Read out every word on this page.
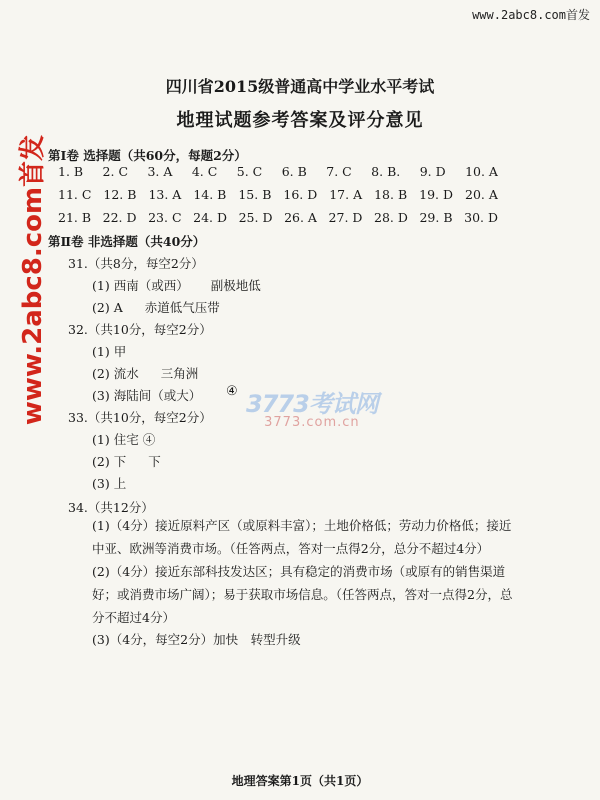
www.2abc8.com首发
www.2abc8.com首发	3773考试网
3773.com.cn
四川省2015级普通高中学业水平考试
地理试题参考答案及评分意见
第Ⅰ卷 选择题（共60分，每题2分）
1. B 2. C 3. A 4. C 5. C 6. B 7. C 8. B. 9. D 10. A
11. C 12. B 13. A 14. B 15. B 16. D 17. A 18. B 19. D 20. A
21. B 22. D 23. C 24. D 25. D 26. A 27. D 28. D 29. B 30. D
第Ⅱ卷 非选择题（共40分）
31.（共8分，每空2分）
(1) 西南（或西） 副极地低
(2) A 赤道低气压带
32.（共10分，每空2分）
(1) 甲
(2) 流水 三角洲
(3) 海陆间（或大） ④
33.（共10分，每空2分）
(1) 住宅 ④
(2) 下 下
(3) 上
34.（共12分）
(1)（4分）接近原料产区（或原料丰富）；土地价格低；劳动力价格低；接近中亚、欧洲等消费市场。（任答两点，答对一点得2分，总分不超过4分）
(2)（4分）接近东部科技发达区；具有稳定的消费市场（或原有的销售渠道好；或消费市场广阔）；易于获取市场信息。（任答两点，答对一点得2分，总分不超过4分）
(3)（4分，每空2分）加快　转型升级
地理答案第1页（共1页）
